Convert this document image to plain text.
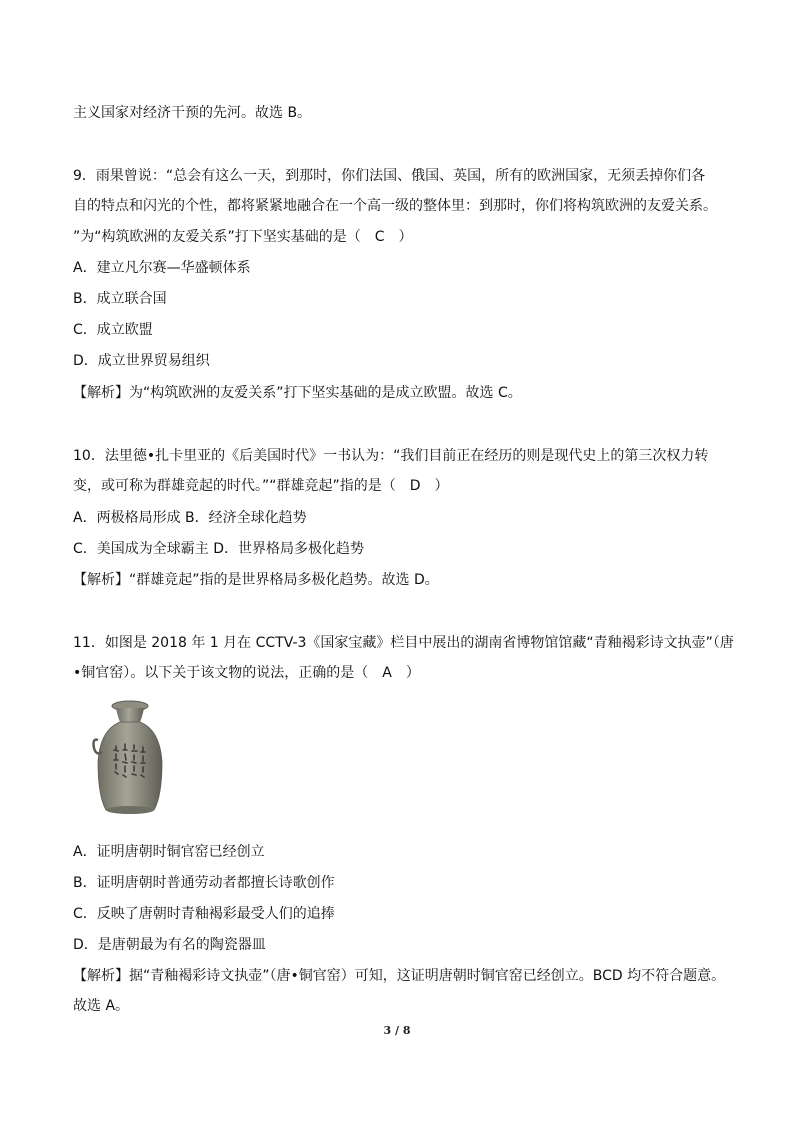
主义国家对经济干预的先河。故选 B。
9．雨果曾说：“总会有这么一天，到那时，你们法国、俄国、英国，所有的欧洲国家，无须丢掉你们各
自的特点和闪光的个性，都将紧紧地融合在一个高一级的整体里：到那时，你们将构筑欧洲的友爱关系。
”为“构筑欧洲的友爱关系”打下坚实基础的是（　C　）
A．建立凡尔赛—华盛顿体系
B．成立联合国
C．成立欧盟
D．成立世界贸易组织
【解析】为“构筑欧洲的友爱关系”打下坚实基础的是成立欧盟。故选 C。
10．法里德•扎卡里亚的《后美国时代》一书认为：“我们目前正在经历的则是现代史上的第三次权力转
变，或可称为群雄竞起的时代。”“群雄竞起”指的是（　D　）
A．两极格局形成 B．经济全球化趋势
C．美国成为全球霸主 D．世界格局多极化趋势
【解析】“群雄竞起”指的是世界格局多极化趋势。故选 D。
11．如图是 2018 年 1 月在 CCTV-3《国家宝藏》栏目中展出的湖南省博物馆馆藏“青釉褐彩诗文执壶”（唐
•铜官窑）。以下关于该文物的说法，正确的是（　A　）
A．证明唐朝时铜官窑已经创立
B．证明唐朝时普通劳动者都擅长诗歌创作
C．反映了唐朝时青釉褐彩最受人们的追捧
D．是唐朝最为有名的陶瓷器皿
【解析】据“青釉褐彩诗文执壶”（唐•铜官窑）可知，这证明唐朝时铜官窑已经创立。BCD 均不符合题意。
故选 A。
3 / 8
